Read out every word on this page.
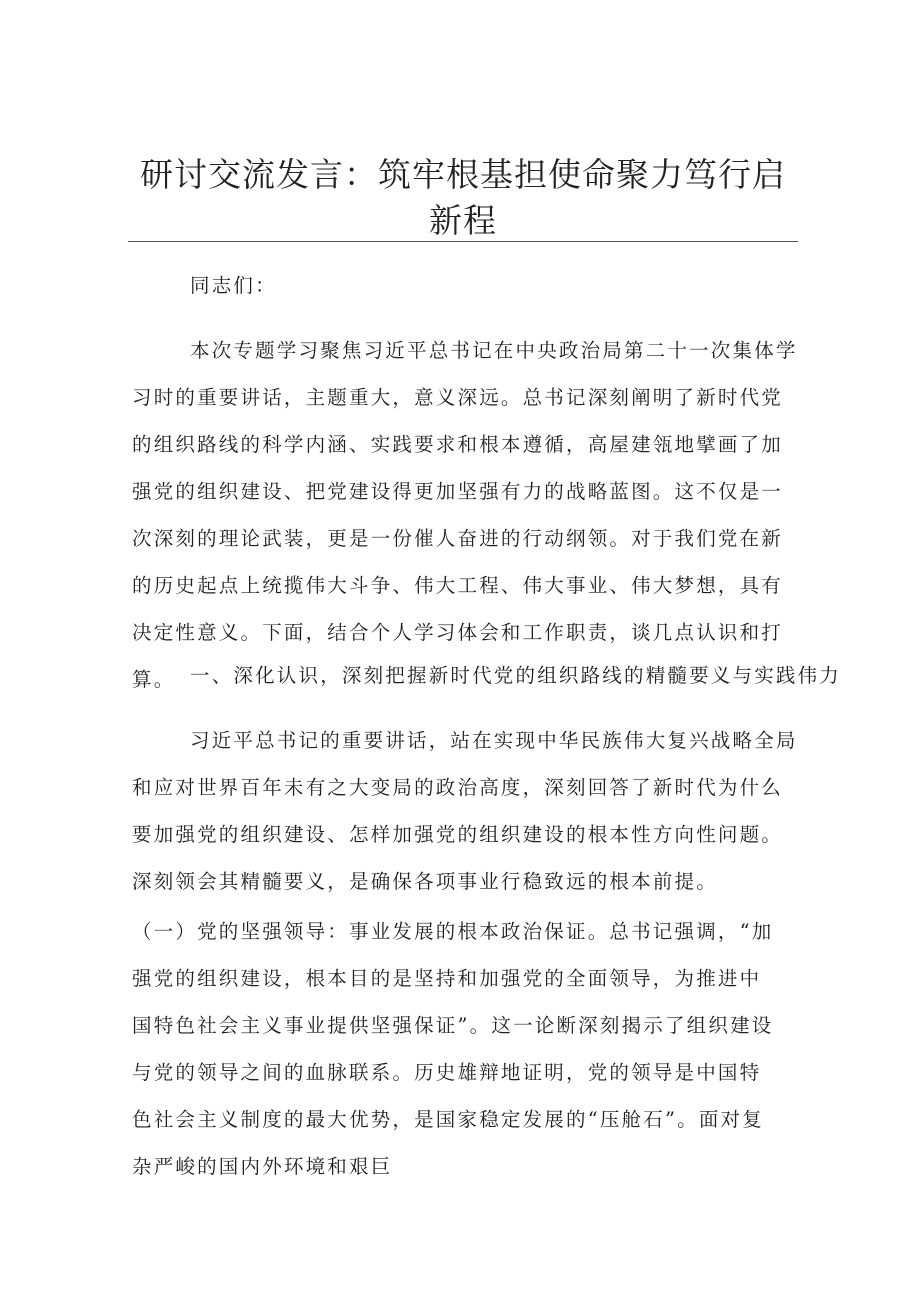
研讨交流发言：筑牢根基担使命聚力笃行启新程

同志们：

本次专题学习聚焦习近平总书记在中央政治局第二十一次集体学习时的重要讲话，主题重大，意义深远。总书记深刻阐明了新时代党的组织路线的科学内涵、实践要求和根本遵循，高屋建瓴地擘画了加强党的组织建设、把党建设得更加坚强有力的战略蓝图。这不仅是一次深刻的理论武装，更是一份催人奋进的行动纲领。对于我们党在新的历史起点上统揽伟大斗争、伟大工程、伟大事业、伟大梦想，具有决定性意义。下面，结合个人学习体会和工作职责，谈几点认识和打算。 一、深化认识，深刻把握新时代党的组织路线的精髓要义与实践伟力

习近平总书记的重要讲话，站在实现中华民族伟大复兴战略全局和应对世界百年未有之大变局的政治高度，深刻回答了新时代为什么要加强党的组织建设、怎样加强党的组织建设的根本性方向性问题。深刻领会其精髓要义，是确保各项事业行稳致远的根本前提。

（一）党的坚强领导：事业发展的根本政治保证。总书记强调，“加强党的组织建设，根本目的是坚持和加强党的全面领导，为推进中国特色社会主义事业提供坚强保证”。这一论断深刻揭示了组织建设与党的领导之间的血脉联系。历史雄辩地证明，党的领导是中国特色社会主义制度的最大优势，是国家稳定发展的“压舱石”。面对复杂严峻的国内外环境和艰巨
